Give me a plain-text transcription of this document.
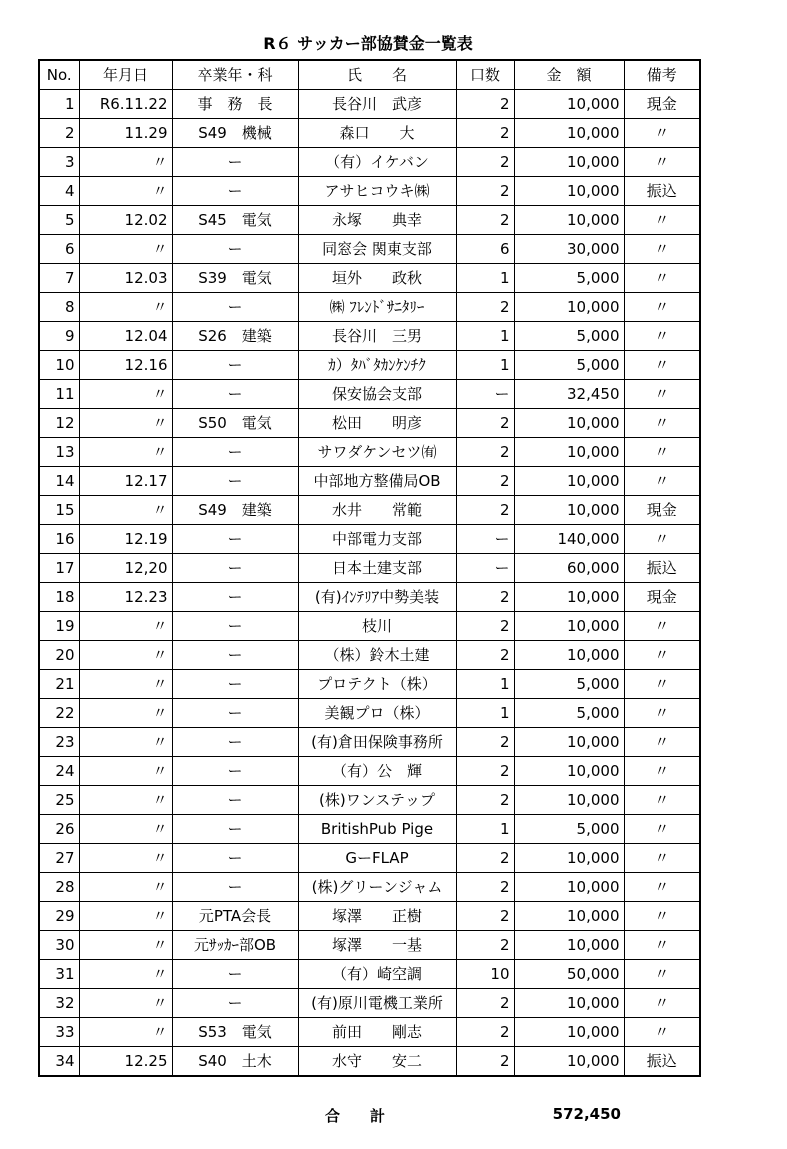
R６ サッカー部協賛金一覧表
No.	年月日	卒業年・科	氏　　名	口数	金　額	備考
1	R6.11.22	事　務　長	長谷川　武彦	2	10,000	現金
2	11.29	S49　機械	森口　　大	2	10,000	〃
3	〃	ー	（有）イケバン	2	10,000	〃
4	〃	ー	アサヒコウキ㈱	2	10,000	振込
5	12.02	S45　電気	永塚　　典幸	2	10,000	〃
6	〃	ー	同窓会 関東支部	6	30,000	〃
7	12.03	S39　電気	垣外　　政秋	1	5,000	〃
8	〃	ー	㈱ ﾌﾚﾝﾄﾞｻﾆﾀﾘｰ	2	10,000	〃
9	12.04	S26　建築	長谷川　三男	1	5,000	〃
10	12.16	ー	ｶ）ﾀﾊﾞﾀｶﾝｹﾝﾁｸ	1	5,000	〃
11	〃	ー	保安協会支部	ー	32,450	〃
12	〃	S50　電気	松田　　明彦	2	10,000	〃
13	〃	ー	サワダケンセツ㈲	2	10,000	〃
14	12.17	ー	中部地方整備局OB	2	10,000	〃
15	〃	S49　建築	水井　　常範	2	10,000	現金
16	12.19	ー	中部電力支部	ー	140,000	〃
17	12,20	ー	日本土建支部	ー	60,000	振込
18	12.23	ー	(有)ｲﾝﾃﾘｱ中勢美装	2	10,000	現金
19	〃	ー	枝川	2	10,000	〃
20	〃	ー	（株）鈴木土建	2	10,000	〃
21	〃	ー	プロテクト（株）	1	5,000	〃
22	〃	ー	美観プロ（株）	1	5,000	〃
23	〃	ー	(有)倉田保険事務所	2	10,000	〃
24	〃	ー	（有）公　輝	2	10,000	〃
25	〃	ー	(株)ワンステップ	2	10,000	〃
26	〃	ー	BritishPub Pige	1	5,000	〃
27	〃	ー	GーFLAP	2	10,000	〃
28	〃	ー	(株)グリーンジャム	2	10,000	〃
29	〃	元PTA会長	塚澤　　正樹	2	10,000	〃
30	〃	元ｻｯｶｰ部OB	塚澤　　一基	2	10,000	〃
31	〃	ー	（有）崎空調	10	50,000	〃
32	〃	ー	(有)原川電機工業所	2	10,000	〃
33	〃	S53　電気	前田　　剛志	2	10,000	〃
34	12.25	S40　土木	水守　　安二	2	10,000	振込
合計	572,450
